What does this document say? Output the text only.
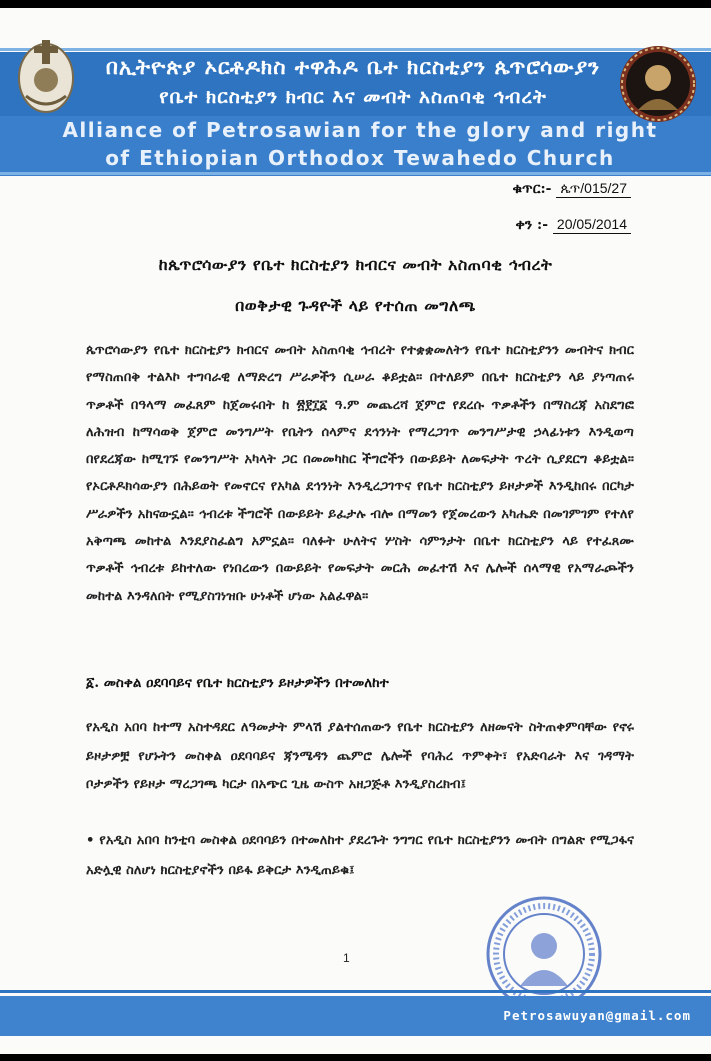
በኢትዮጵያ ኦርቶዶክስ ተዋሕዶ ቤተ ክርስቲያን ጴጥሮሳውያን
የቤተ ክርስቲያን ክብር እና መብት አስጠባቂ ኅብረት
Alliance of Petrosawian for the glory and right
of Ethiopian Orthodox Tewahedo Church
ቁጥር:- ጴጥ/015/27
ቀን :- 20/05/2014
ከጴጥሮሳውያን የቤተ ክርስቲያን ክብርና መብት አስጠባቂ ኅብረት
በወቅታዊ ጉዳዮች ላይ የተሰጠ መግለጫ
ጴጥሮሳውያን የቤተ ክርስቲያን ክብርና መብት አስጠባቂ ኅብረት የተቋቋመለትን የቤተ ክርስቲያንን መብትና ክብር የማስጠበቅ ተልእኮ ተግባራዊ ለማድረግ ሥራዎችን ሲሠራ ቆይቷል። በተለይም በቤተ ክርስቲያን ላይ ያነጣጠሩ ጥቃቶች በዓላማ መፈጸም ከጀመሩበት ከ ፳፻፲፩ ዓ.ም መጨረሻ ጀምሮ የደረሱ ጥቃቶችን በማስረጃ አስደግፎ ለሕዝብ ከማሳወቅ ጀምሮ መንግሥት የቤትን ሰላምና ደኅንነት የማረጋገጥ መንግሥታዊ ኃላፊነቱን እንዲወጣ በየደረጃው ከሚገኙ የመንግሥት አካላት ጋር በመመካከር ችግሮችን በውይይት ለመፍታት ጥረት ሲያደርግ ቆይቷል። የኦርቶዶክሳውያን በሕይወት የመኖርና የአካል ደኅንነት እንዲረጋገጥና የቤተ ክርስቲያን ይዞታዎች እንዲከበሩ በርካታ ሥራዎችን አከናውኗል። ኅብረቱ ችግሮች በውይይት ይፈታሉ ብሎ በማመን የጀመረውን አካሔድ በመገምገም የተለየ አቅጣጫ መከተል እንደያስፈልግ አምኗል። ባለፉት ሁለትና ሦስት ሳምንታት በቤተ ክርስቲያን ላይ የተፈጸሙ ጥቃቶች ኅብረቱ ይከተለው የነበረውን በውይይት የመፍታት መርሕ መፈተሽ እና ሌሎች ሰላማዊ የአማራጮችን መከተል እንዳለበት የሚያስገነዝቡ ሁነቶች ሆነው አልፈዋል።
፩. መስቀል ዐደባባይና የቤተ ክርስቲያን ይዞታዎችን በተመለከተ
የአዲስ አበባ ከተማ አስተዳደር ለዓመታት ምላሽ ያልተሰጠውን የቤተ ክርስቲያን ለዘመናት ስትጠቀምባቸው የኖሩ ይዞታዎቿ የሆኑትን መስቀል ዐደባባይና ጃንሜዳን ጨምሮ ሌሎች የባሕረ ጥምቀት፣ የአድባራት እና ገዳማት ቦታዎችን የይዞታ ማረጋገጫ ካርታ በአጭር ጊዜ ውስጥ አዘጋጅቶ እንዲያስረክብ፤
• የአዲስ አበባ ከንቲባ መስቀል ዐደባባይን በተመለከተ ያደረጉት ንግግር የቤተ ክርስቲያንን መብት በግልጽ የሚጋፋና አድሏዊ ስለሆነ ክርስቲያኖችን በይፋ ይቅርታ እንዲጠይቁ፤
1
Petrosawuyan@gmail.com
